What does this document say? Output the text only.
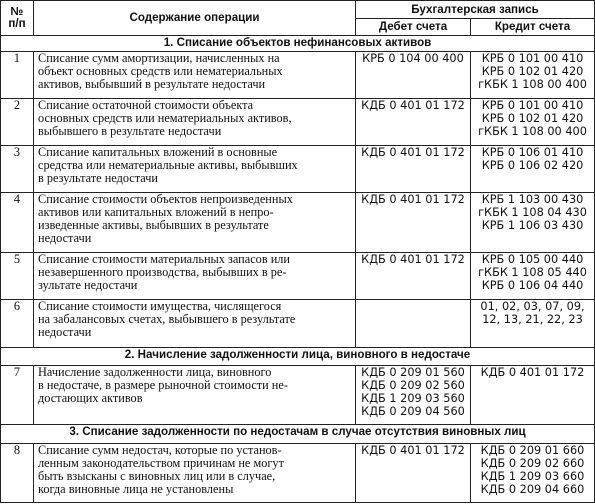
№ п/п	Содержание операции	Бухгалтерская запись	
		Дебет счета	Кредит счета
1. Списание объектов нефинансовых активов			
1	Списание сумм амортизации, начисленных на
объект основных средств или нематериальных
активов, выбывший в результате недостачи	КРБ 0 104 00 400	КРБ 0 101 00 410
КРБ 0 102 01 420
гКБК 1 108 00 400

2	Списание остаточной стоимости объекта
основных средств или нематериальных активов,
выбывшего в результате недостачи	КДБ 0 401 01 172	КРБ 0 101 00 410
КРБ 0 102 01 420
гКБК 1 108 00 400

3	Списание капитальных вложений в основные
средства или нематериальные активы, выбывших
в результате недостачи	КДБ 0 401 01 172	КРБ 0 106 01 410
КРБ 0 106 02 420

4	Списание стоимости объектов непроизведенных
активов или капитальных вложений в непро-
изведенные активы, выбывших в результате
недостачи	КДБ 0 401 01 172	КРБ 1 103 00 430
гКБК 1 108 04 430
КРБ 1 106 03 430

5	Списание стоимости материальных запасов или
незавершенного производства, выбывших в ре-
зультате недостачи	КДБ 0 401 01 172	КРБ 0 105 00 440
гКБК 1 108 05 440
КРБ 0 106 04 440

6	Списание стоимости имущества, числящегося
на забалансовых счетах, выбывшего в результате
недостачи		01, 02, 03, 07, 09,
12, 13, 21, 22, 23

2. Начисление задолженности лица, виновного в недостаче			
7	Начисление задолженности лица, виновного
в недостаче, в размере рыночной стоимости не-
достающих активов	КДБ 0 209 01 560
КДБ 0 209 02 560
КДБ 1 209 03 560
КДБ 0 209 04 560	КДБ 0 401 01 172

3. Списание задолженности по недостачам в случае отсутствия виновных лиц			
8	Списание сумм недостач, которые по установ-
ленным законодательством причинам не могут
быть взысканы с виновных лиц или в случае,
когда виновные лица не установлены	КДБ 0 401 01 172	КДБ 0 209 01 660
КДБ 0 209 02 660
КДБ 1 209 03 660
КДБ 0 209 04 660
